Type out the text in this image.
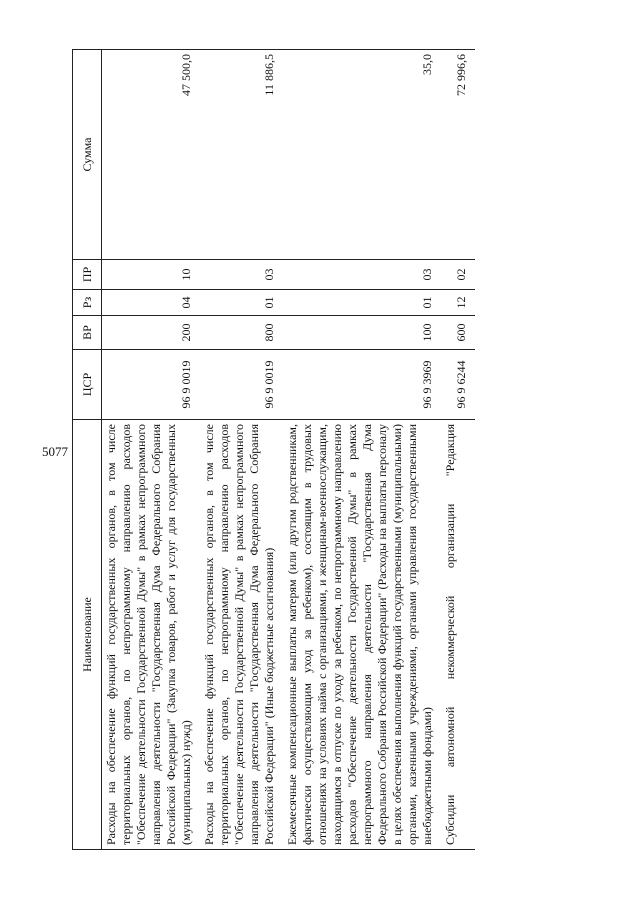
5077
Наименование	ЦСР	ВР	Рз	ПР	Сумма
Расходы на обеспечение функций государственных органов, в том числе территориальных органов, по непрограммному направлению расходов "Обеспечение деятельности Государственной Думы" в рамках непрограммного направления деятельности "Государственная Дума Федерального Собрания Российской Федерации" (Закупка товаров, работ и услуг для государственных (муниципальных) нужд)	96 9 0019	200	04	10	47 500,0
Расходы на обеспечение функций государственных органов, в том числе территориальных органов, по непрограммному направлению расходов "Обеспечение деятельности Государственной Думы" в рамках непрограммного направления деятельности "Государственная Дума Федерального Собрания Российской Федерации" (Иные бюджетные ассигнования)	96 9 0019	800	01	03	11 886,5
Ежемесячные компенсационные выплаты матерям (или другим родственникам, фактически осуществляющим уход за ребенком), состоящим в трудовых отношениях на условиях найма с организациями, и женщинам-военнослужащим, находящимся в отпуске по уходу за ребенком, по непрограммному направлению расходов "Обеспечение деятельности Государственной Думы" в рамках непрограммного направления деятельности "Государственная Дума Федерального Собрания Российской Федерации" (Расходы на выплаты персоналу в целях обеспечения выполнения функций государственными (муниципальными) органами, казенными учреждениями, органами управления государственными внебюджетными фондами)	96 9 3969	100	01	03	35,0
Субсидии автономной некоммерческой организации "Редакция	96 9 6244	600	12	02	72 996,6
